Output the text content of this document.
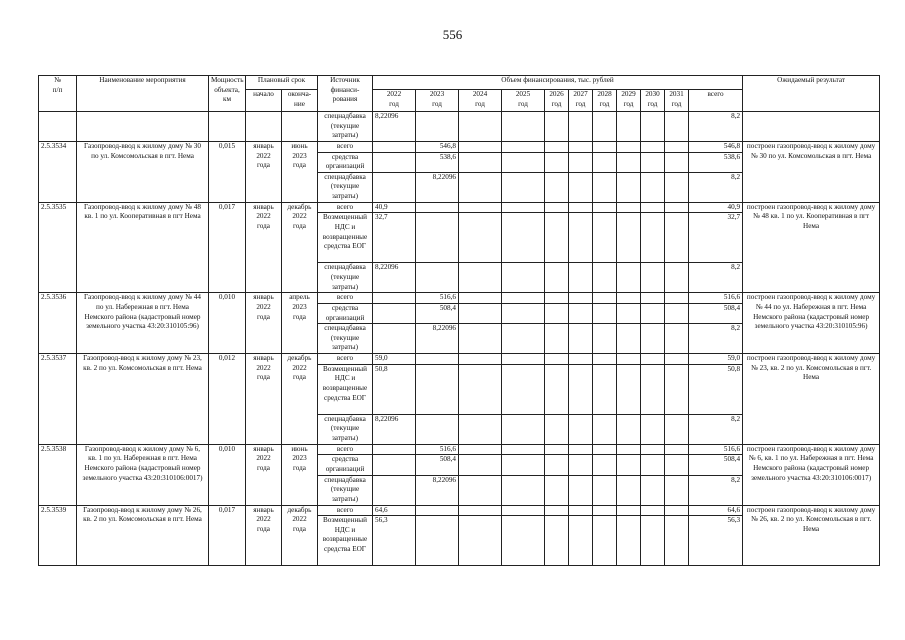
556
№
п/п	Наименование мероприятия	Мощность объекта, км	Плановый срок		Источник финанси-
рования	Объем финансирования, тыс. рублей											Ожидаемый результат
			начало	оконча-
ние		2022
год	2023
год	2024
год	2025
год	2026
год	2027
год	2028
год	2029
год	2030
год	2031
год	всего	
					спецнадбавка
(текущие
затраты)	8,22096										8,2	
2.5.3534	Газопровод-ввод к жилому дому № 30
по ул. Комсомольская в пгт. Нема	0,015	январь
2022
года	июнь
2023
года	всего		546,8									546,8	построен газопровод-ввод к жилому дому
№ 30 по ул. Комсомольская в пгт. Нема
					средства
организаций		538,6									538,6	
					спецнадбавка
(текущие
затраты)		8,22096									8,2	
2.5.3535	Газопровод-ввод к жилому дому № 48
кв. 1 по ул. Кооперативная в пгт Нема	0,017	январь
2022
года	декабрь
2022
года	всего	40,9										40,9	построен газопровод-ввод к жилому дому
№ 48 кв. 1 по ул. Кооперативная в пгт
Нема
					Возмещенный
НДС и
возвращенные
средства ЕОГ	32,7										32,7	
					спецнадбавка
(текущие
затраты)	8,22096										8,2	
2.5.3536	Газопровод-ввод к жилому дому № 44
по ул. Набережная в пгт. Нема
Немского района (кадастровый номер
земельного участка 43:20:310105:96)	0,010	январь
2022
года	апрель
2023
года	всего		516,6									516,6	построен газопровод-ввод к жилому дому
№ 44 по ул. Набережная в пгт. Нема
Немского района (кадастровый номер
земельного участка 43:20:310105:96)
					средства
организаций		508,4									508,4	
					спецнадбавка
(текущие
затраты)		8,22096									8,2	
2.5.3537	Газопровод-ввод к жилому дому № 23,
кв. 2 по ул. Комсомольская в пгт. Нема	0,012	январь
2022
года	декабрь
2022
года	всего	59,0										59,0	построен газопровод-ввод к жилому дому
№ 23, кв. 2 по ул. Комсомольская в пгт.
Нема
					Возмещенный
НДС и
возвращенные
средства ЕОГ	50,8										50,8	
					спецнадбавка
(текущие
затраты)	8,22096										8,2	
2.5.3538	Газопровод-ввод к жилому дому № 6,
кв. 1 по ул. Набережная в пгт. Нема
Немского района (кадастровый номер
земельного участка 43:20:310106:0017)	0,010	январь
2022
года	июнь
2023
года	всего		516,6									516,6	построен газопровод-ввод к жилому дому
№ 6, кв. 1 по ул. Набережная в пгт. Нема
Немского района (кадастровый номер
земельного участка 43:20:310106:0017)
					средства
организаций		508,4									508,4	
					спецнадбавка
(текущие
затраты)		8,22096									8,2	
2.5.3539	Газопровод-ввод к жилому дому № 26,
кв. 2 по ул. Комсомольская в пгт. Нема	0,017	январь
2022
года	декабрь
2022
года	всего	64,6										64,6	построен газопровод-ввод к жилому дому
№ 26, кв. 2 по ул. Комсомольская в пгт.
Нема
					Возмещенный
НДС и
возвращенные
средства ЕОГ	56,3										56,3	
